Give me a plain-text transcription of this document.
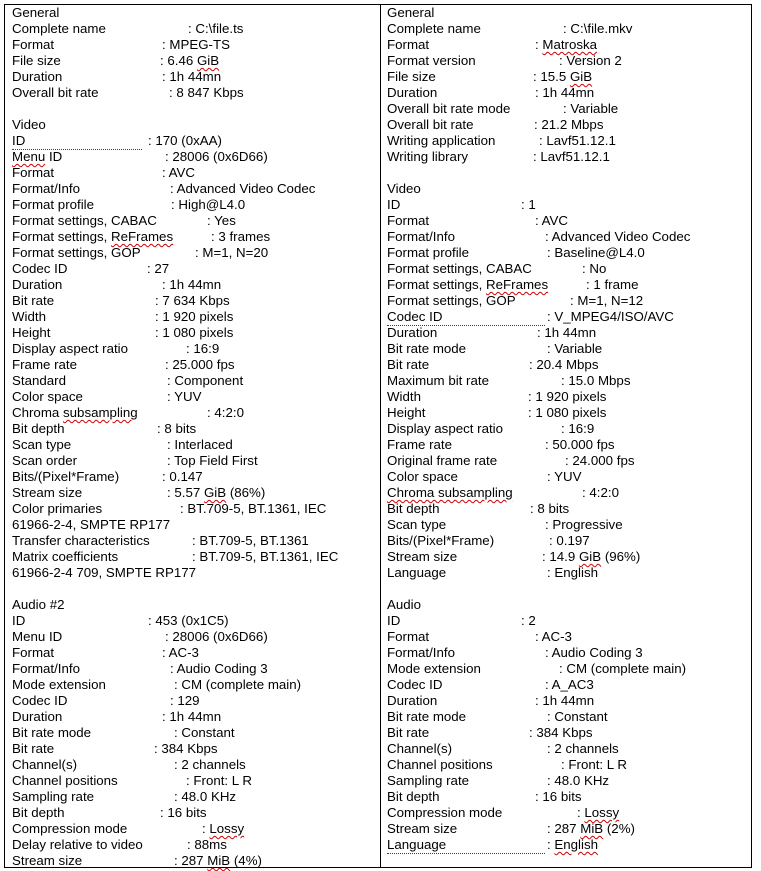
General
Complete name	: C:\file.ts
Format	: MPEG-TS
File size	: 6.46 GiB
Duration	: 1h 44mn
Overall bit rate	: 8 847 Kbps
Video
ID	: 170 (0xAA)
Menu ID	: 28006 (0x6D66)
Format	: AVC
Format/Info	: Advanced Video Codec
Format profile	: High@L4.0
Format settings, CABAC	: Yes
Format settings, ReFrames	: 3 frames
Format settings, GOP	: M=1, N=20
Codec ID	: 27
Duration	: 1h 44mn
Bit rate	: 7 634 Kbps
Width	: 1 920 pixels
Height	: 1 080 pixels
Display aspect ratio	: 16:9
Frame rate	: 25.000 fps
Standard	: Component
Color space	: YUV
Chroma subsampling	: 4:2:0
Bit depth	: 8 bits
Scan type	: Interlaced
Scan order	: Top Field First
Bits/(Pixel*Frame)	: 0.147
Stream size	: 5.57 GiB (86%)
Color primaries	: BT.709-5, BT.1361, IEC
61966-2-4, SMPTE RP177
Transfer characteristics	: BT.709-5, BT.1361
Matrix coefficients	: BT.709-5, BT.1361, IEC
61966-2-4 709, SMPTE RP177
Audio #2
ID	: 453 (0x1C5)
Menu ID	: 28006 (0x6D66)
Format	: AC-3
Format/Info	: Audio Coding 3
Mode extension	: CM (complete main)
Codec ID	: 129
Duration	: 1h 44mn
Bit rate mode	: Constant
Bit rate	: 384 Kbps
Channel(s)	: 2 channels
Channel positions	: Front: L R
Sampling rate	: 48.0 KHz
Bit depth	: 16 bits
Compression mode	: Lossy
Delay relative to video	: 88ms
Stream size	: 287 MiB (4%)
General
Complete name	: C:\file.mkv
Format	: Matroska
Format version	: Version 2
File size	: 15.5 GiB
Duration	: 1h 44mn
Overall bit rate mode	: Variable
Overall bit rate	: 21.2 Mbps
Writing application	: Lavf51.12.1
Writing library	: Lavf51.12.1
Video
ID	: 1
Format	: AVC
Format/Info	: Advanced Video Codec
Format profile	: Baseline@L4.0
Format settings, CABAC	: No
Format settings, ReFrames	: 1 frame
Format settings, GOP	: M=1, N=12
Codec ID	: V_MPEG4/ISO/AVC
Duration	: 1h 44mn
Bit rate mode	: Variable
Bit rate	: 20.4 Mbps
Maximum bit rate	: 15.0 Mbps
Width	: 1 920 pixels
Height	: 1 080 pixels
Display aspect ratio	: 16:9
Frame rate	: 50.000 fps
Original frame rate	: 24.000 fps
Color space	: YUV
Chroma subsampling	: 4:2:0
Bit depth	: 8 bits
Scan type	: Progressive
Bits/(Pixel*Frame)	: 0.197
Stream size	: 14.9 GiB (96%)
Language	: English
Audio
ID	: 2
Format	: AC-3
Format/Info	: Audio Coding 3
Mode extension	: CM (complete main)
Codec ID	: A_AC3
Duration	: 1h 44mn
Bit rate mode	: Constant
Bit rate	: 384 Kbps
Channel(s)	: 2 channels
Channel positions	: Front: L R
Sampling rate	: 48.0 KHz
Bit depth	: 16 bits
Compression mode	: Lossy
Stream size	: 287 MiB (2%)
Language	: English
